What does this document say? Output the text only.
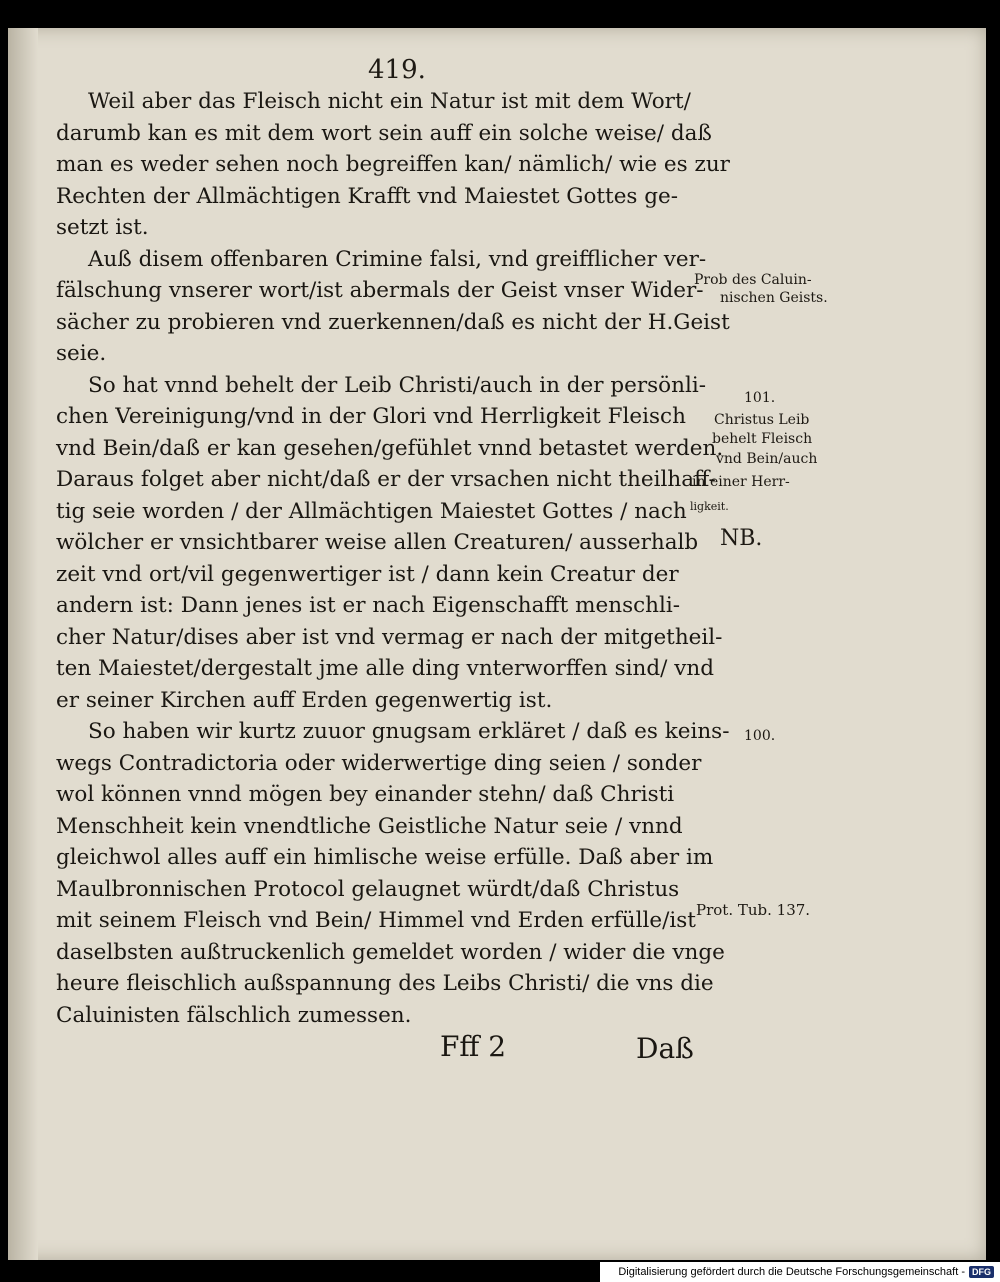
419.

Weil aber das Fleisch nicht ein Natur ist mit dem Wort/

darumb kan es mit dem wort sein auff ein solche weise/ daß

man es weder sehen noch begreiffen kan/ nämlich/ wie es zur

Rechten der Allmächtigen Krafft vnd Maiestet Gottes ge-

setzt ist.

Auß disem offenbaren Crimine falsi, vnd greifflicher ver-

fälschung vnserer wort/ist abermals der Geist vnser Wider-

sächer zu probieren vnd zuerkennen/daß es nicht der H.Geist

seie.

So hat vnnd behelt der Leib Christi/auch in der persönli-

chen Vereinigung/vnd in der Glori vnd Herrligkeit Fleisch

vnd Bein/daß er kan gesehen/gefühlet vnnd betastet werden.

Daraus folget aber nicht/daß er der vrsachen nicht theilhaff-

tig seie worden / der Allmächtigen Maiestet Gottes / nach

wölcher er vnsichtbarer weise allen Creaturen/ ausserhalb

zeit vnd ort/vil gegenwertiger ist / dann kein Creatur der

andern ist: Dann jenes ist er nach Eigenschafft menschli-

cher Natur/dises aber ist vnd vermag er nach der mitgetheil-

ten Maiestet/dergestalt jme alle ding vnterworffen sind/ vnd

er seiner Kirchen auff Erden gegenwertig ist.

So haben wir kurtz zuuor gnugsam erkläret / daß es keins-

wegs Contradictoria oder widerwertige ding seien / sonder

wol können vnnd mögen bey einander stehn/ daß Christi

Menschheit kein vnendtliche Geistliche Natur seie / vnnd

gleichwol alles auff ein himlische weise erfülle. Daß aber im

Maulbronnischen Protocol gelaugnet würdt/daß Christus

mit seinem Fleisch vnd Bein/ Himmel vnd Erden erfülle/ist

daselbsten außtruckenlich gemeldet worden / wider die vnge

heure fleischlich außspannung des Leibs Christi/ die vns die

Caluinisten fälschlich zumessen.

Prob des Caluin-
nischen Geists.
101.
Christus Leib
behelt Fleisch
vnd Bein/auch
in einer Herr-
ligkeit.
NB.
100.
Prot. Tub. 137.
Fff 2	Daß
Digitalisierung gefördert durch die Deutsche Forschungsgemeinschaft - DFG
